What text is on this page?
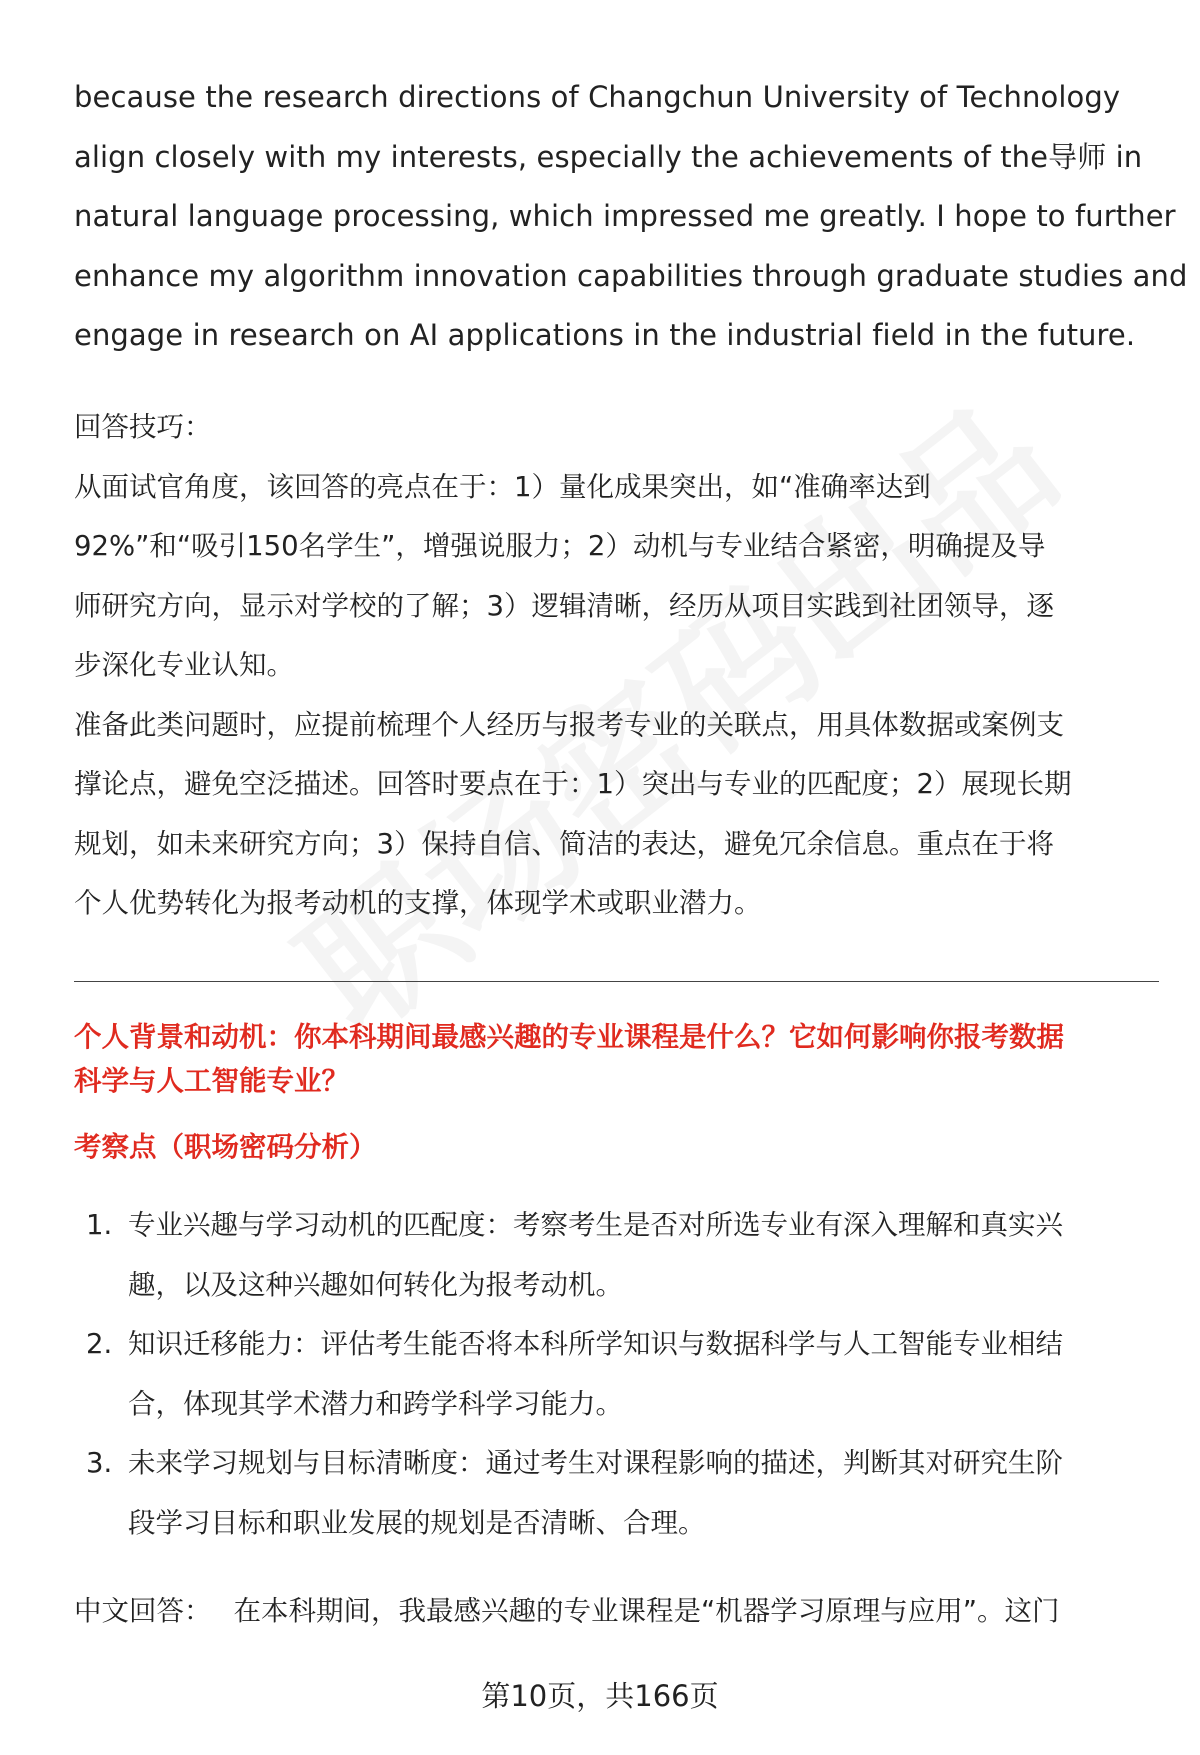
because the research directions of Changchun University of Technology
align closely with my interests, especially the achievements of the导师 in
natural language processing, which impressed me greatly. I hope to further
enhance my algorithm innovation capabilities through graduate studies and
engage in research on AI applications in the industrial field in the future.

回答技巧：
从面试官角度，该回答的亮点在于：1）量化成果突出，如“准确率达到
92%”和“吸引150名学生”，增强说服力；2）动机与专业结合紧密，明确提及导
师研究方向，显示对学校的了解；3）逻辑清晰，经历从项目实践到社团领导，逐
步深化专业认知。
准备此类问题时，应提前梳理个人经历与报考专业的关联点，用具体数据或案例支
撑论点，避免空泛描述。回答时要点在于：1）突出与专业的匹配度；2）展现长期
规划，如未来研究方向；3）保持自信、简洁的表达，避免冗余信息。重点在于将
个人优势转化为报考动机的支撑，体现学术或职业潜力。
个人背景和动机：你本科期间最感兴趣的专业课程是什么？它如何影响你报考数据
科学与人工智能专业？
考察点（职场密码分析）
1. 专业兴趣与学习动机的匹配度：考察考生是否对所选专业有深入理解和真实兴
趣，以及这种兴趣如何转化为报考动机。
2. 知识迁移能力：评估考生能否将本科所学知识与数据科学与人工智能专业相结
合，体现其学术潜力和跨学科学习能力。
3. 未来学习规划与目标清晰度：通过考生对课程影响的描述，判断其对研究生阶
段学习目标和职业发展的规划是否清晰、合理。
中文回答： 在本科期间，我最感兴趣的专业课程是“机器学习原理与应用”。这门
第10页，共166页
